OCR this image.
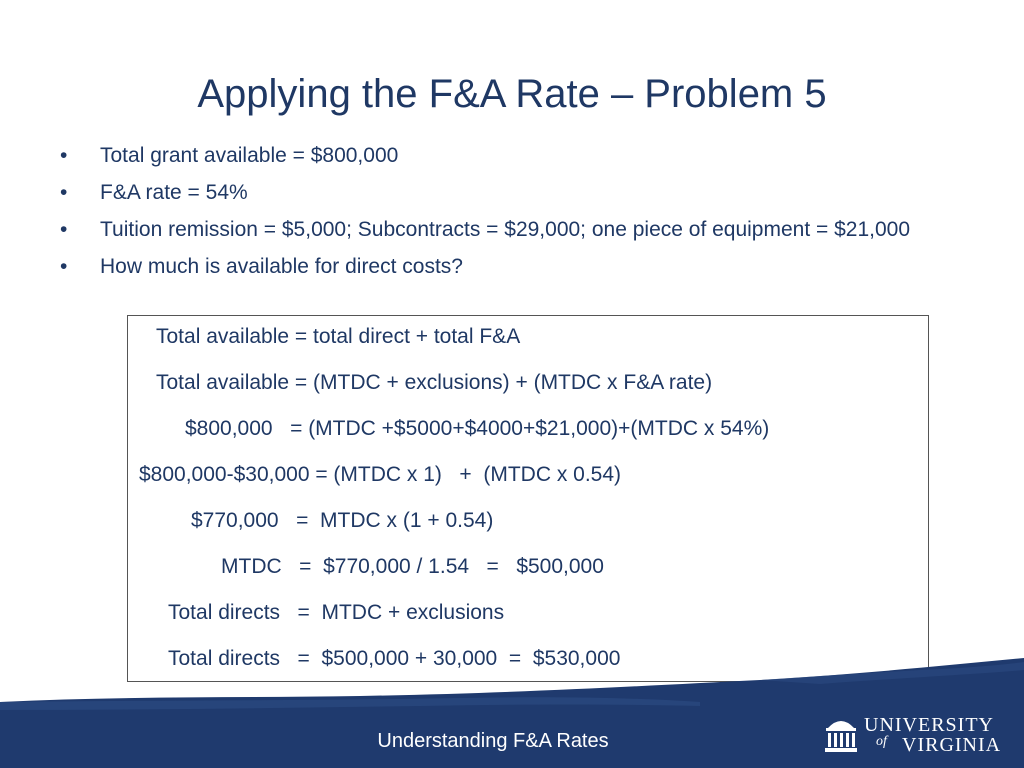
Applying the F&A Rate – Problem 5
•	Total grant available = $800,000
•	F&A rate = 54%
•	Tuition remission = $5,000; Subcontracts = $29,000; one piece of equipment = $21,000
•	How much is available for direct costs?
Total available = total direct + total F&A
Total available = (MTDC + exclusions) + (MTDC x F&A rate)
$800,000   = (MTDC +$5000+$4000+$21,000)+(MTDC x 54%)
$800,000-$30,000 = (MTDC x 1)   +  (MTDC x 0.54)
$770,000   =  MTDC x (1 + 0.54)
MTDC   =  $770,000 / 1.54   =   $500,000
Total directs   =  MTDC + exclusions
Total directs   =  $500,000 + 30,000  =  $530,000
Understanding F&A Rates
UNIVERSITY
of VIRGINIA
